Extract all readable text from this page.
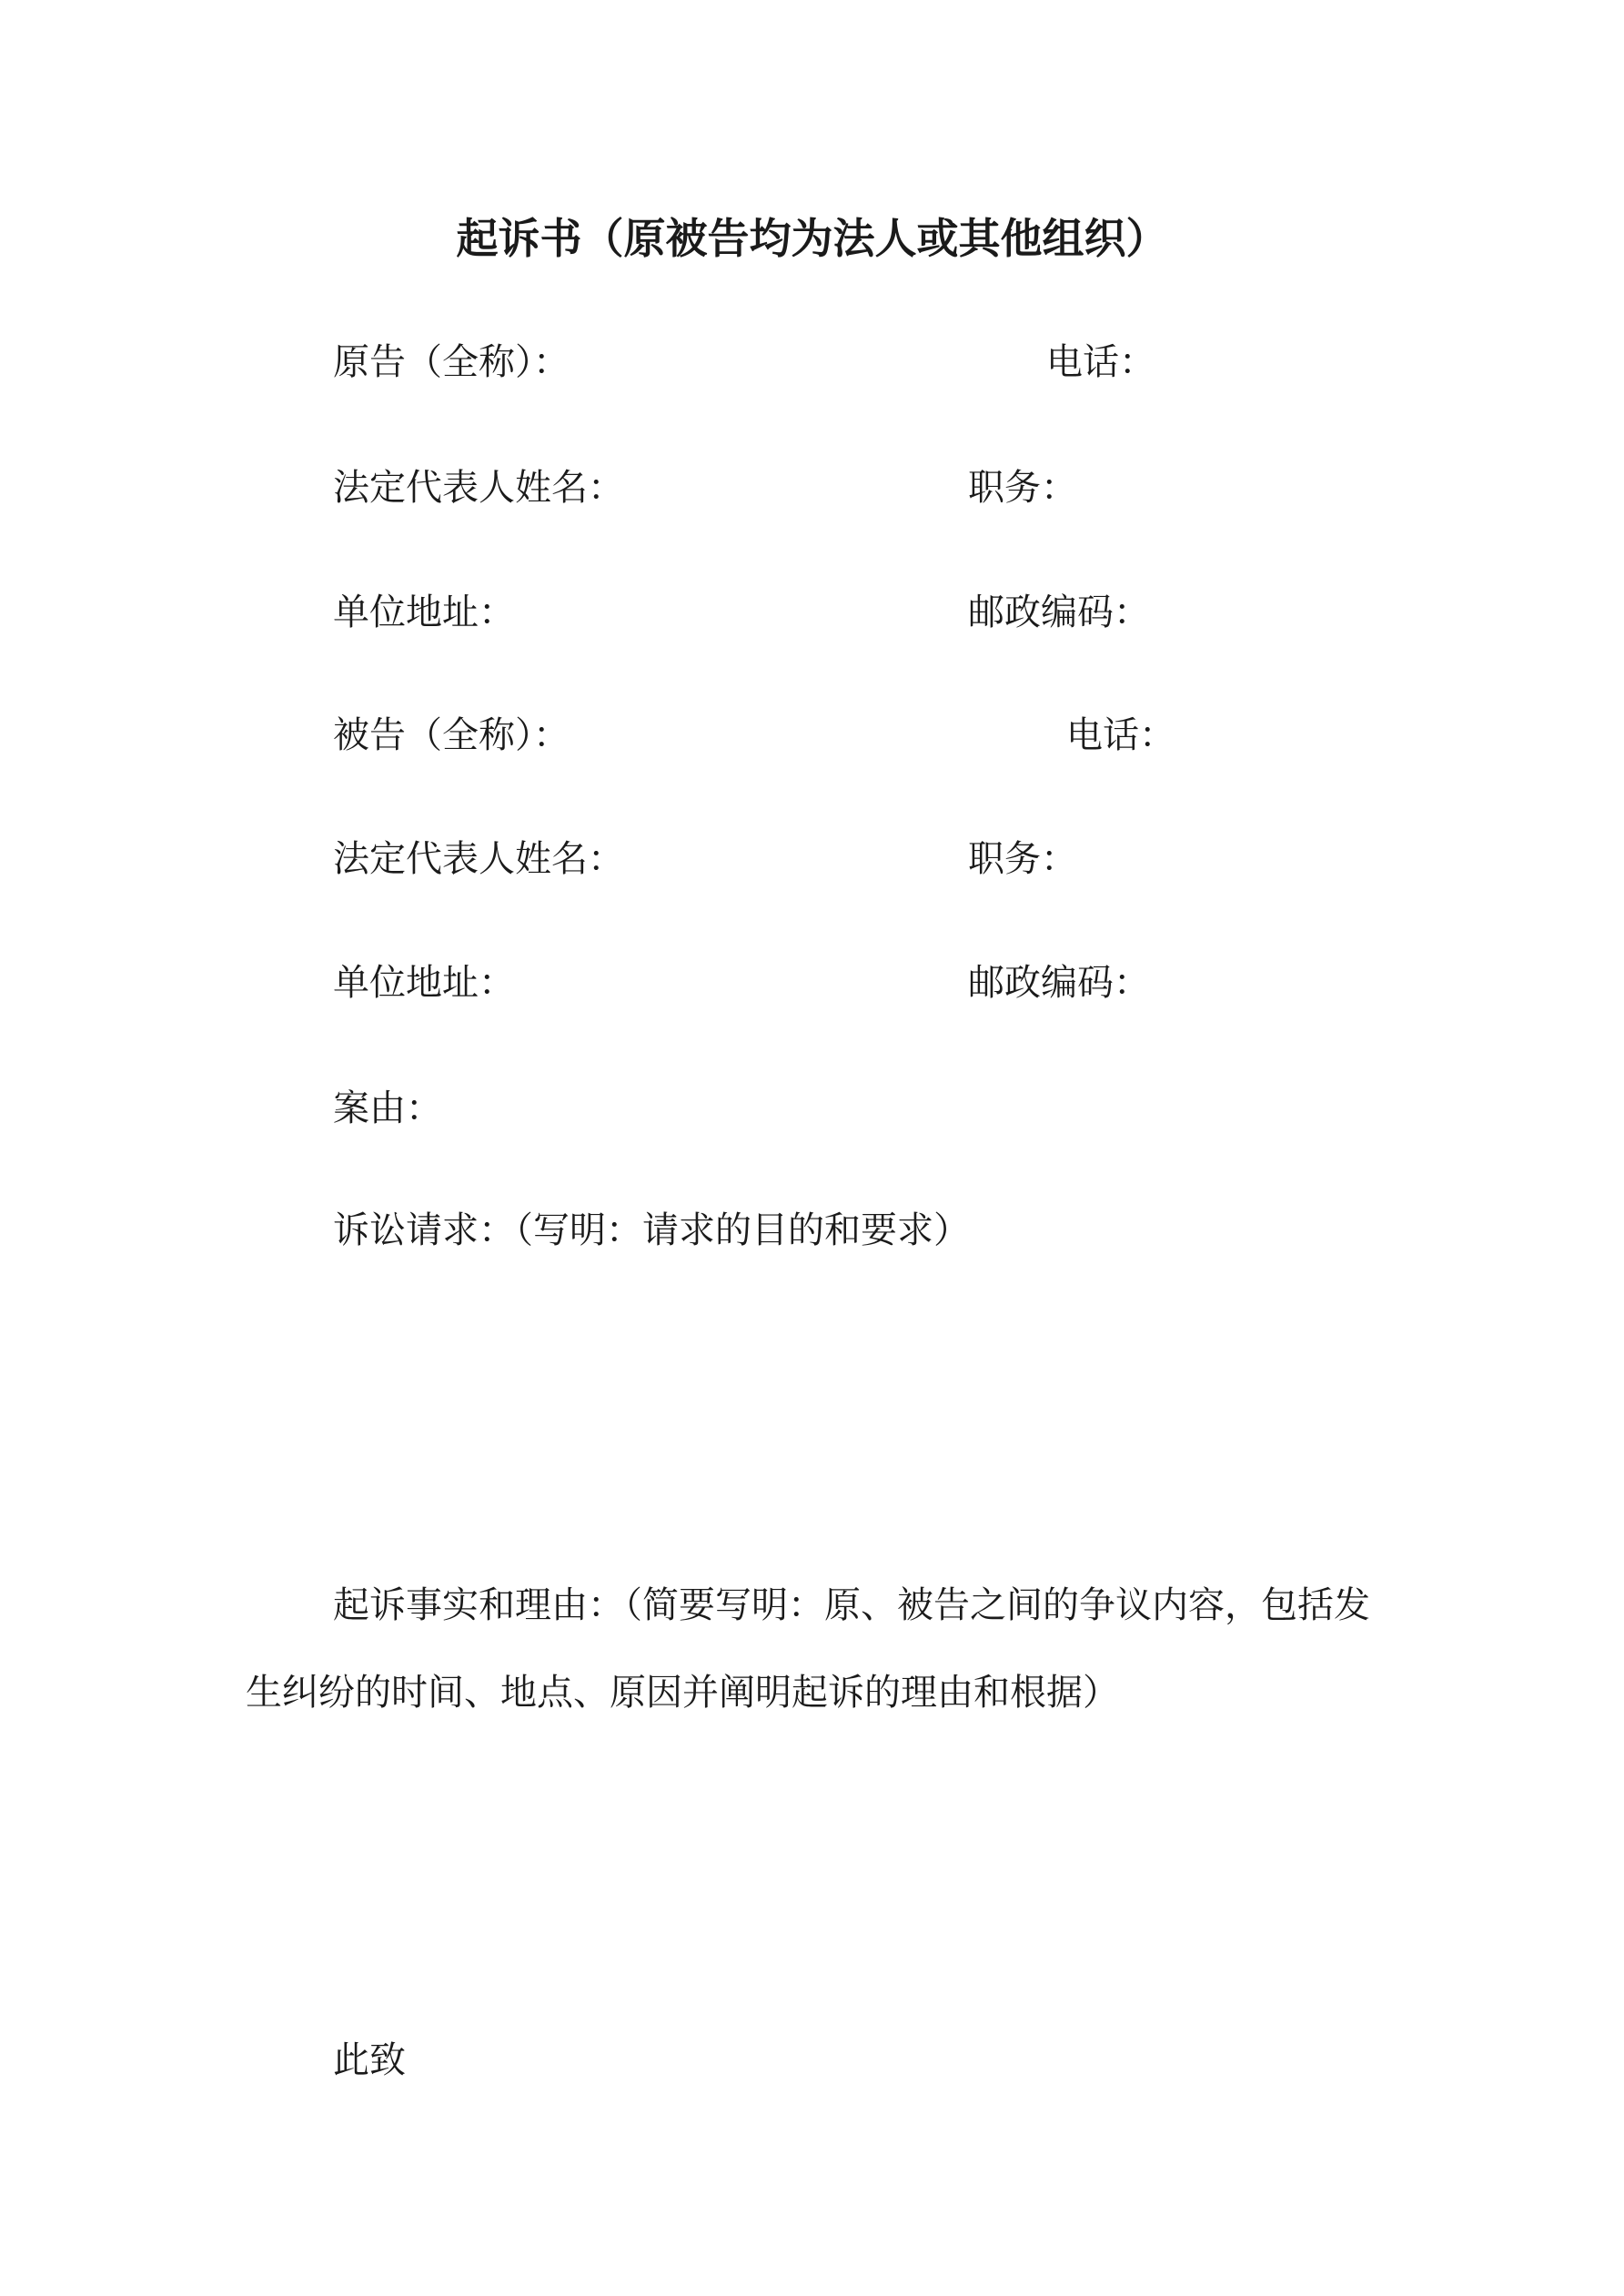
起诉书（原被告均为法人或其他组织）
原告（全称）：	电话：
法定代表人姓名：	职务：
单位地址：	邮政编码：
被告（全称）：	电话：
法定代表人姓名：	职务：
单位地址：	邮政编码：
案由：
诉讼请求：（写明：请求的目的和要求）
起诉事实和理由：（简要写明：原、被告之间的争议内容，包括发生纠纷的时间、地点、原因并阐明起诉的理由和根据）
此致
